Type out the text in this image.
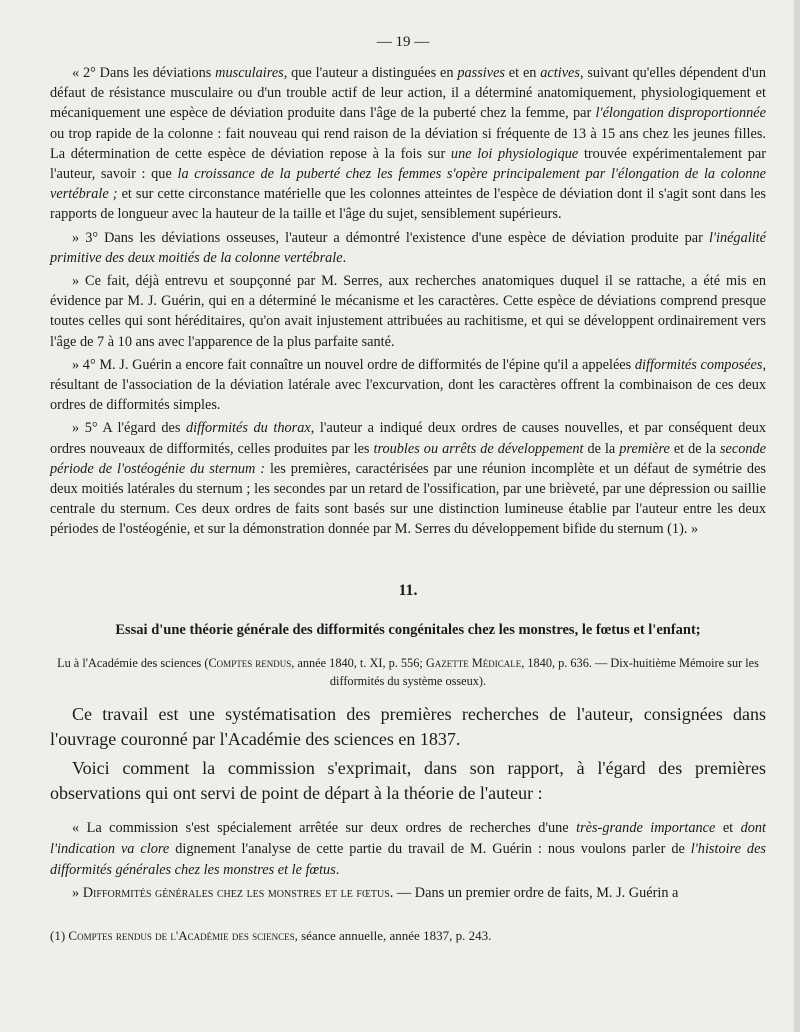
— 19 —

« 2° Dans les déviations musculaires, que l'auteur a distinguées en passives et en actives, suivant qu'elles dépendent d'un défaut de résistance musculaire ou d'un trouble actif de leur action, il a déterminé anatomiquement, physiologiquement et mécaniquement une espèce de déviation produite dans l'âge de la puberté chez la femme, par l'élongation disproportionnée ou trop rapide de la colonne : fait nouveau qui rend raison de la déviation si fréquente de 13 à 15 ans chez les jeunes filles. La détermination de cette espèce de déviation repose à la fois sur une loi physiologique trouvée expérimentalement par l'auteur, savoir : que la croissance de la puberté chez les femmes s'opère principalement par l'élongation de la colonne vertébrale ; et sur cette circonstance matérielle que les colonnes atteintes de l'espèce de déviation dont il s'agit sont dans les rapports de longueur avec la hauteur de la taille et l'âge du sujet, sensiblement supérieurs.

» 3° Dans les déviations osseuses, l'auteur a démontré l'existence d'une espèce de déviation produite par l'inégalité primitive des deux moitiés de la colonne vertébrale.

» Ce fait, déjà entrevu et soupçonné par M. Serres, aux recherches anatomiques duquel il se rattache, a été mis en évidence par M. J. Guérin, qui en a déterminé le mécanisme et les caractères. Cette espèce de déviations comprend presque toutes celles qui sont héréditaires, qu'on avait injustement attribuées au rachitisme, et qui se développent ordinairement vers l'âge de 7 à 10 ans avec l'apparence de la plus parfaite santé.

» 4° M. J. Guérin a encore fait connaître un nouvel ordre de difformités de l'épine qu'il a appelées difformités composées, résultant de l'association de la déviation latérale avec l'excurvation, dont les caractères offrent la combinaison de ces deux ordres de difformités simples.

» 5° A l'égard des difformités du thorax, l'auteur a indiqué deux ordres de causes nouvelles, et par conséquent deux ordres nouveaux de difformités, celles produites par les troubles ou arrêts de développement de la première et de la seconde période de l'ostéogénie du sternum : les premières, caractérisées par une réunion incomplète et un défaut de symétrie des deux moitiés latérales du sternum ; les secondes par un retard de l'ossification, par une brièveté, par une dépression ou saillie centrale du sternum. Ces deux ordres de faits sont basés sur une distinction lumineuse établie par l'auteur entre les deux périodes de l'ostéogénie, et sur la démonstration donnée par M. Serres du développement bifide du sternum (1). »

11.
Essai d'une théorie générale des difformités congénitales chez les monstres, le fœtus et l'enfant;
Lu à l'Académie des sciences (Comptes rendus, année 1840, t. XI, p. 556; Gazette Médicale, 1840, p. 636. — Dix-huitième Mémoire sur les difformités du système osseux).

Ce travail est une systématisation des premières recherches de l'auteur, consignées dans l'ouvrage couronné par l'Académie des sciences en 1837.

Voici comment la commission s'exprimait, dans son rapport, à l'égard des premières observations qui ont servi de point de départ à la théorie de l'auteur :

« La commission s'est spécialement arrêtée sur deux ordres de recherches d'une très-grande importance et dont l'indication va clore dignement l'analyse de cette partie du travail de M. Guérin : nous voulons parler de l'histoire des difformités générales chez les monstres et le fœtus.

» Difformités générales chez les monstres et le fœtus. — Dans un premier ordre de faits, M. J. Guérin a

(1) Comptes rendus de l'Académie des sciences, séance annuelle, année 1837, p. 243.
